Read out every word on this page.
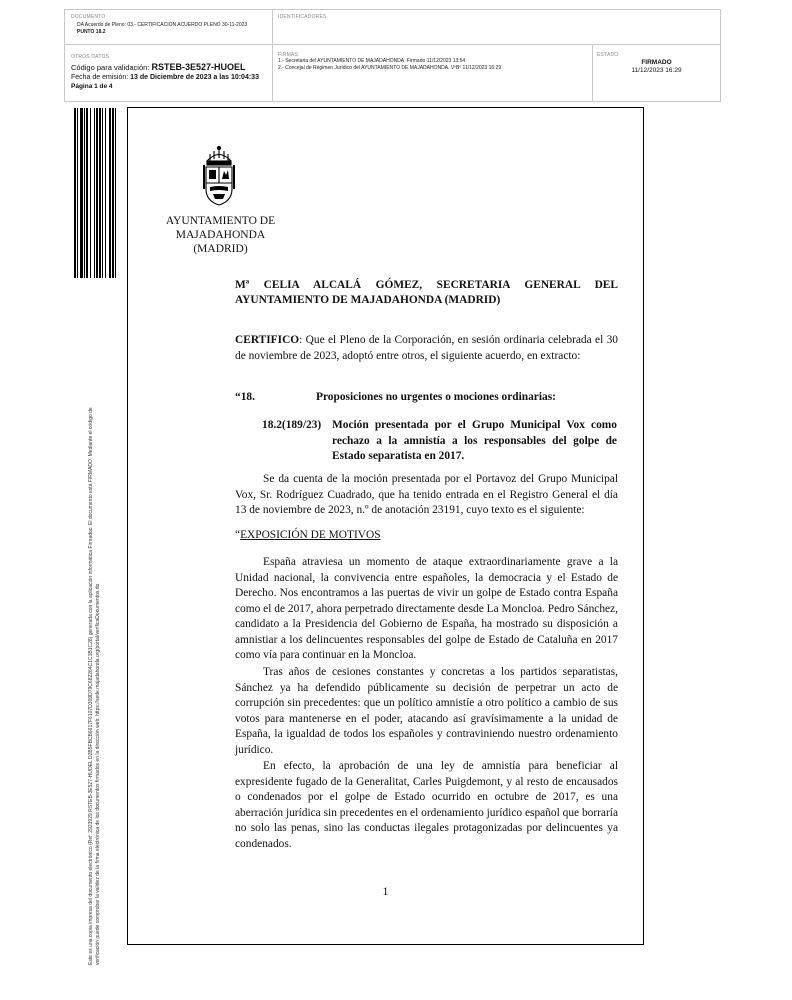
DOCUMENTO
DA Acuerdo de Pleno: 03.- CERTIFICACION ACUERDO PLENO 30-11-2023
PUNTO 18.2
IDENTIFICADORES
OTROS DATOS
Código para validación: RSTEB-3E527-HUOEL
Fecha de emisión: 13 de Diciembre de 2023 a las 10:04:33
Página 1 de 4
FIRMAS
1.- Secretaria del AYUNTAMIENTO DE MAJADAHONDA. Firmado 11/12/2023 13:54
2.- Concejal de Régimen Jurídico del AYUNTAMIENTO DE MAJADAHONDA. VºBº 11/12/2023 16:29
ESTADO
FIRMADO
11/12/2023 16:29
Este es una copia impresa del documento electrónico (Ref: 2923929 RSTEB-3E527-HUOEL D2B5FBCB6617F6107D309D79C682264C1C1B1C28) generada con la aplicación informática Firmadoc. El documento está FIRMADO. Mediante el código de verificación puede comprobar la validez de la firma electrónica de los documentos firmados en la dirección web: https://sede.majadahonda.org/portal/verificaDocumentos.do
AYUNTAMIENTO DE
MAJADAHONDA
(MADRID)
Mª CELIA ALCALÁ GÓMEZ, SECRETARIA GENERAL DEL
AYUNTAMIENTO DE MAJADAHONDA (MADRID)
CERTIFICO: Que el Pleno de la Corporación, en sesión ordinaria celebrada el 30 de noviembre de 2023, adoptó entre otros, el siguiente acuerdo, en extracto:
“18.	Proposiciones no urgentes o mociones ordinarias:
18.2(189/23) Moción presentada por el Grupo Municipal Vox como rechazo a la amnistía a los responsables del golpe de Estado separatista en 2017.
Se da cuenta de la moción presentada por el Portavoz del Grupo Municipal Vox, Sr. Rodríguez Cuadrado, que ha tenido entrada en el Registro General el día 13 de noviembre de 2023, n.º de anotación 23191, cuyo texto es el siguiente:
“EXPOSICIÓN DE MOTIVOS
España atraviesa un momento de ataque extraordinariamente grave a la Unidad nacional, la convivencia entre españoles, la democracia y el Estado de Derecho. Nos encontramos a las puertas de vivir un golpe de Estado contra España como el de 2017, ahora perpetrado directamente desde La Moncloa. Pedro Sánchez, candidato a la Presidencia del Gobierno de España, ha mostrado su disposición a amnistiar a los delincuentes responsables del golpe de Estado de Cataluña en 2017 como vía para continuar en la Moncloa.
Tras años de cesiones constantes y concretas a los partidos separatistas, Sánchez ya ha defendido públicamente su decisión de perpetrar un acto de corrupción sin precedentes: que un político amnistíe a otro político a cambio de sus votos para mantenerse en el poder, atacando así gravísimamente a la unidad de España, la igualdad de todos los españoles y contraviniendo nuestro ordenamiento jurídico.
En efecto, la aprobación de una ley de amnistía para beneficiar al expresidente fugado de la Generalitat, Carles Puigdemont, y al resto de encausados o condenados por el golpe de Estado ocurrido en octubre de 2017, es una aberración jurídica sin precedentes en el ordenamiento jurídico español que borraría no solo las penas, sino las conductas ilegales protagonizadas por delincuentes ya condenados.
1
